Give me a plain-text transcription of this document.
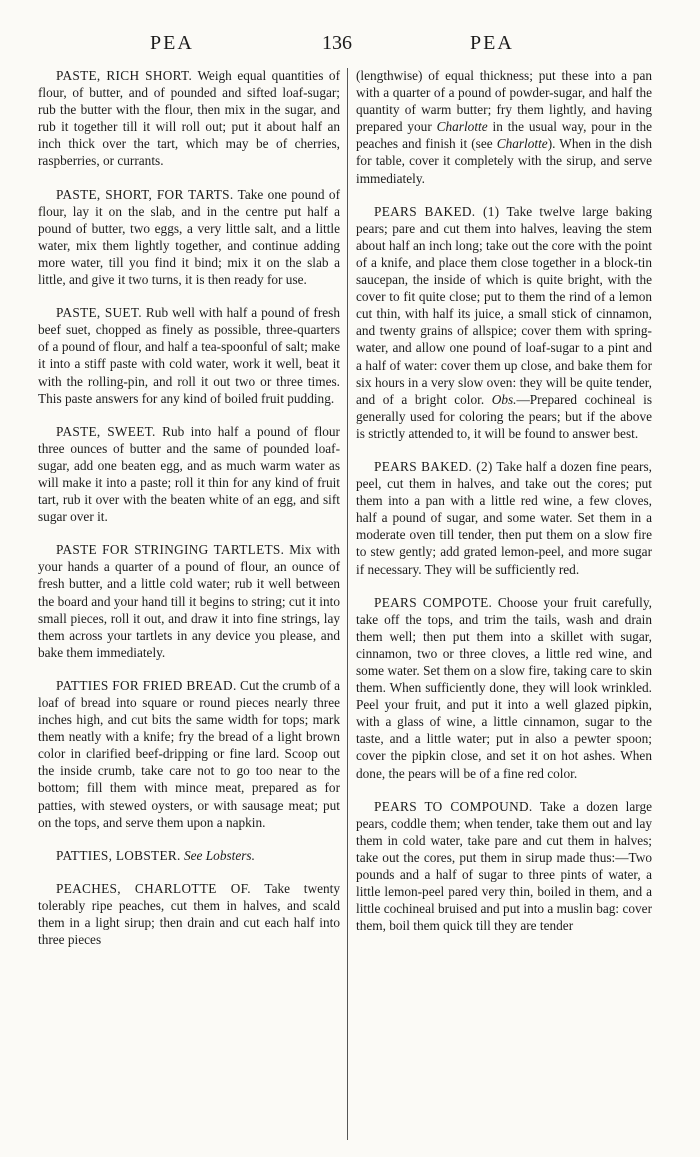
PEA	136	PEA

PASTE, RICH SHORT. Weigh equal quantities of flour, of butter, and of pounded and sifted loaf-sugar; rub the butter with the flour, then mix in the sugar, and rub it together till it will roll out; put it about half an inch thick over the tart, which may be of cherries, raspberries, or currants.

PASTE, SHORT, FOR TARTS. Take one pound of flour, lay it on the slab, and in the centre put half a pound of butter, two eggs, a very little salt, and a little water, mix them lightly together, and continue adding more water, till you find it bind; mix it on the slab a little, and give it two turns, it is then ready for use.

PASTE, SUET. Rub well with half a pound of fresh beef suet, chopped as finely as possible, three-quarters of a pound of flour, and half a tea-spoonful of salt; make it into a stiff paste with cold water, work it well, beat it with the rolling-pin, and roll it out two or three times. This paste answers for any kind of boiled fruit pudding.

PASTE, SWEET. Rub into half a pound of flour three ounces of butter and the same of pounded loaf-sugar, add one beaten egg, and as much warm water as will make it into a paste; roll it thin for any kind of fruit tart, rub it over with the beaten white of an egg, and sift sugar over it.

PASTE FOR STRINGING TARTLETS. Mix with your hands a quarter of a pound of flour, an ounce of fresh butter, and a little cold water; rub it well between the board and your hand till it begins to string; cut it into small pieces, roll it out, and draw it into fine strings, lay them across your tartlets in any device you please, and bake them immediately.

PATTIES FOR FRIED BREAD. Cut the crumb of a loaf of bread into square or round pieces nearly three inches high, and cut bits the same width for tops; mark them neatly with a knife; fry the bread of a light brown color in clarified beef-dripping or fine lard. Scoop out the inside crumb, take care not to go too near to the bottom; fill them with mince meat, prepared as for patties, with stewed oysters, or with sausage meat; put on the tops, and serve them upon a napkin.

PATTIES, LOBSTER. See Lobsters.

PEACHES, CHARLOTTE OF. Take twenty tolerably ripe peaches, cut them in halves, and scald them in a light sirup; then drain and cut each half into three pieces

(lengthwise) of equal thickness; put these into a pan with a quarter of a pound of powder-sugar, and half the quantity of warm butter; fry them lightly, and having prepared your Charlotte in the usual way, pour in the peaches and finish it (see Charlotte). When in the dish for table, cover it completely with the sirup, and serve immediately.

PEARS BAKED. (1) Take twelve large baking pears; pare and cut them into halves, leaving the stem about half an inch long; take out the core with the point of a knife, and place them close together in a block-tin saucepan, the inside of which is quite bright, with the cover to fit quite close; put to them the rind of a lemon cut thin, with half its juice, a small stick of cinnamon, and twenty grains of allspice; cover them with spring-water, and allow one pound of loaf-sugar to a pint and a half of water: cover them up close, and bake them for six hours in a very slow oven: they will be quite tender, and of a bright color. Obs.—Prepared cochineal is generally used for coloring the pears; but if the above is strictly attended to, it will be found to answer best.

PEARS BAKED. (2) Take half a dozen fine pears, peel, cut them in halves, and take out the cores; put them into a pan with a little red wine, a few cloves, half a pound of sugar, and some water. Set them in a moderate oven till tender, then put them on a slow fire to stew gently; add grated lemon-peel, and more sugar if necessary. They will be sufficiently red.

PEARS COMPOTE. Choose your fruit carefully, take off the tops, and trim the tails, wash and drain them well; then put them into a skillet with sugar, cinnamon, two or three cloves, a little red wine, and some water. Set them on a slow fire, taking care to skin them. When sufficiently done, they will look wrinkled. Peel your fruit, and put it into a well glazed pipkin, with a glass of wine, a little cinnamon, sugar to the taste, and a little water; put in also a pewter spoon; cover the pipkin close, and set it on hot ashes. When done, the pears will be of a fine red color.

PEARS TO COMPOUND. Take a dozen large pears, coddle them; when tender, take them out and lay them in cold water, take pare and cut them in halves; take out the cores, put them in sirup made thus:—Two pounds and a half of sugar to three pints of water, a little lemon-peel pared very thin, boiled in them, and a little cochineal bruised and put into a muslin bag: cover them, boil them quick till they are tender
